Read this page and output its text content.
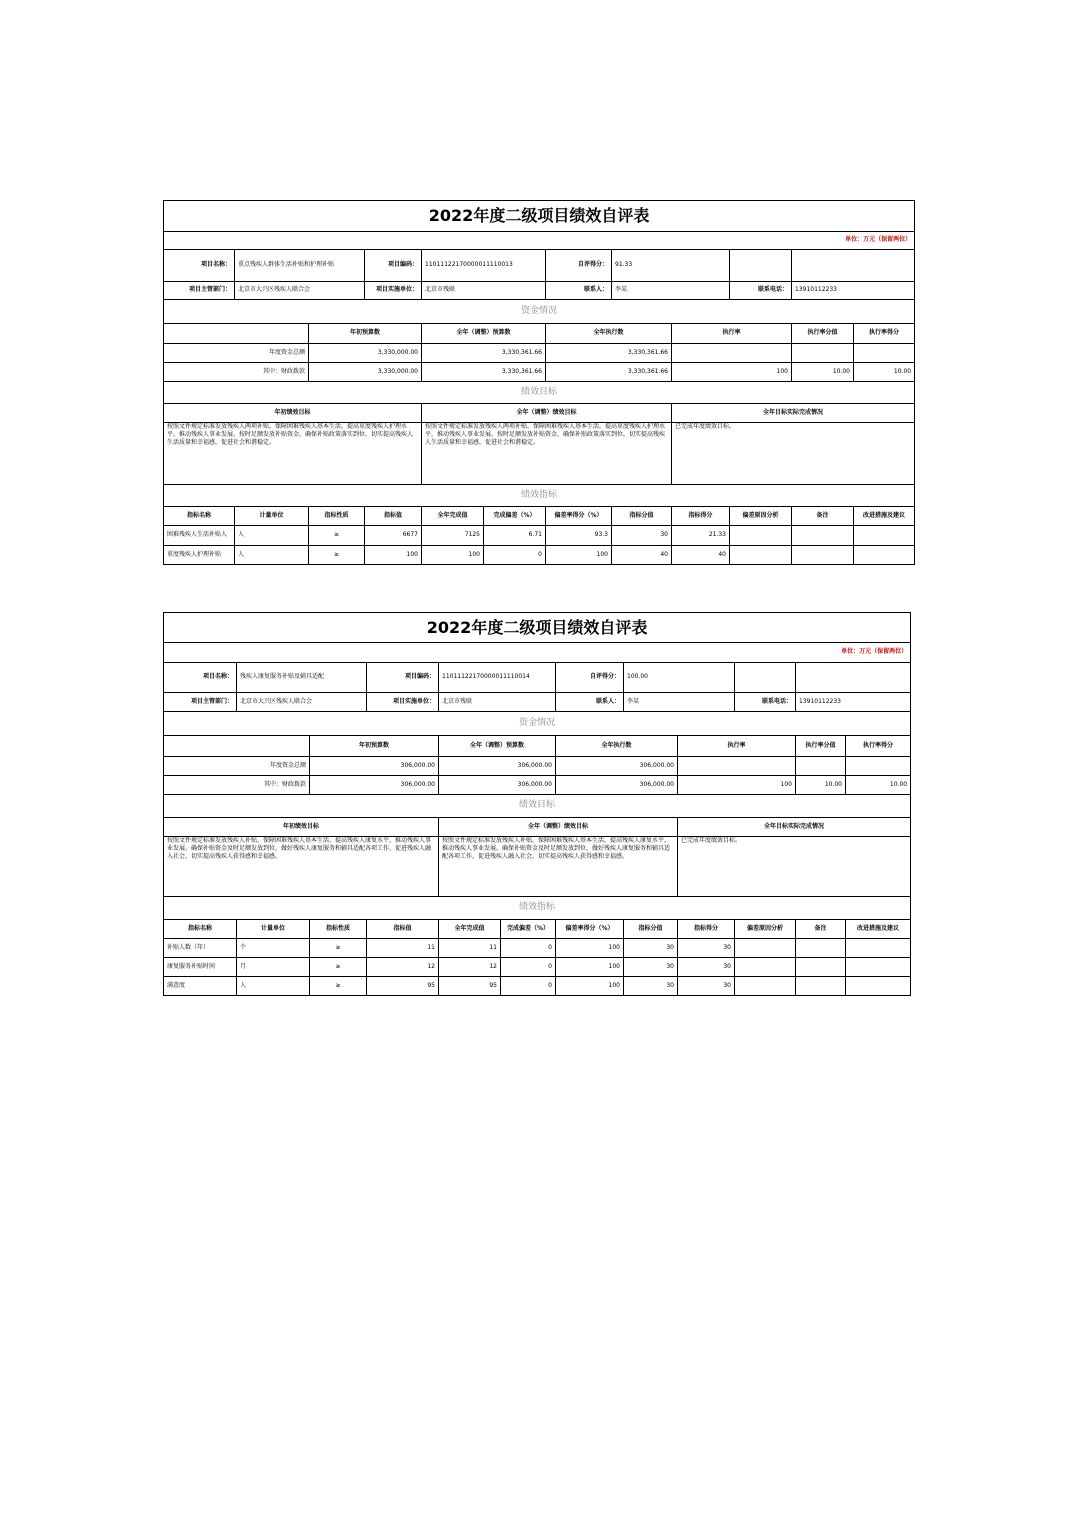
2022年度二级项目绩效自评表											
单位：万元（保留两位）											
项目名称：	重点残疾人群体生活补贴和护理补贴		项目编码：	11011122170000011110013		自评得分：	91.33				
项目主管部门：	北京市大兴区残疾人联合会		项目实施单位：	北京市残联		联系人：	李某		联系电话：	13910112233	
资金情况											
		年初预算数		全年（调整）预算数		全年执行数		执行率		执行率分值	执行率得分
年度资金总额		3,330,000.00		3,330,361.66		3,330,361.66					
其中：财政拨款		3,330,000.00		3,330,361.66		3,330,361.66		100		10.00	10.00
绩效目标											
年初绩效目标				全年（调整）绩效目标				全年目标实际完成情况			
按照文件规定标准发放残疾人两项补贴，保障困难残疾人基本生活，提高重度残疾人护理水平，推动残疾人事业发展。按时足额发放补贴资金，确保补贴政策落实到位，切实提高残疾人生活质量和幸福感，促进社会和谐稳定。				按照文件规定标准发放残疾人两项补贴，保障困难残疾人基本生活，提高重度残疾人护理水平，推动残疾人事业发展。按时足额发放补贴资金，确保补贴政策落实到位，切实提高残疾人生活质量和幸福感，促进社会和谐稳定。				已完成年度绩效目标。			
绩效指标											
指标名称	计量单位	指标性质	指标值	全年完成值	完成偏差（%）	偏差率得分（%）	指标分值	指标得分	偏差原因分析	备注	改进措施及建议
困难残疾人生活补贴人	人	≥	6677	7125	6.71	93.3	30	21.33			
重度残疾人护理补贴	人	≥	100	100	0	100	40	40			
2022年度二级项目绩效自评表											
单位：万元（保留两位）											
项目名称：	残疾人康复服务补贴及辅具适配		项目编码：	11011122170000011110014		自评得分：	100.00				
项目主管部门：	北京市大兴区残疾人联合会		项目实施单位：	北京市残联		联系人：	李某		联系电话：	13910112233	
资金情况											
		年初预算数		全年（调整）预算数		全年执行数		执行率		执行率分值	执行率得分
年度资金总额		306,000.00		306,000.00		306,000.00					
其中：财政拨款		306,000.00		306,000.00		306,000.00		100		10.00	10.00
绩效目标											
年初绩效目标				全年（调整）绩效目标				全年目标实际完成情况			
按照文件规定标准发放残疾人补贴，保障困难残疾人基本生活，提高残疾人康复水平，推动残疾人事业发展。确保补贴资金及时足额发放到位，做好残疾人康复服务和辅具适配各项工作，促进残疾人融入社会，切实提高残疾人获得感和幸福感。				按照文件规定标准发放残疾人补贴，保障困难残疾人基本生活，提高残疾人康复水平，推动残疾人事业发展。确保补贴资金及时足额发放到位，做好残疾人康复服务和辅具适配各项工作，促进残疾人融入社会，切实提高残疾人获得感和幸福感。				已完成年度绩效目标。			
绩效指标											
指标名称	计量单位	指标性质	指标值	全年完成值	完成偏差（%）	偏差率得分（%）	指标分值	指标得分	偏差原因分析	备注	改进措施及建议
补贴人数（年）	个	≥	11	11	0	100	30	30			
康复服务补贴时间	月	≥	12	12	0	100	30	30			
满意度	人	≥	95	95	0	100	30	30			
